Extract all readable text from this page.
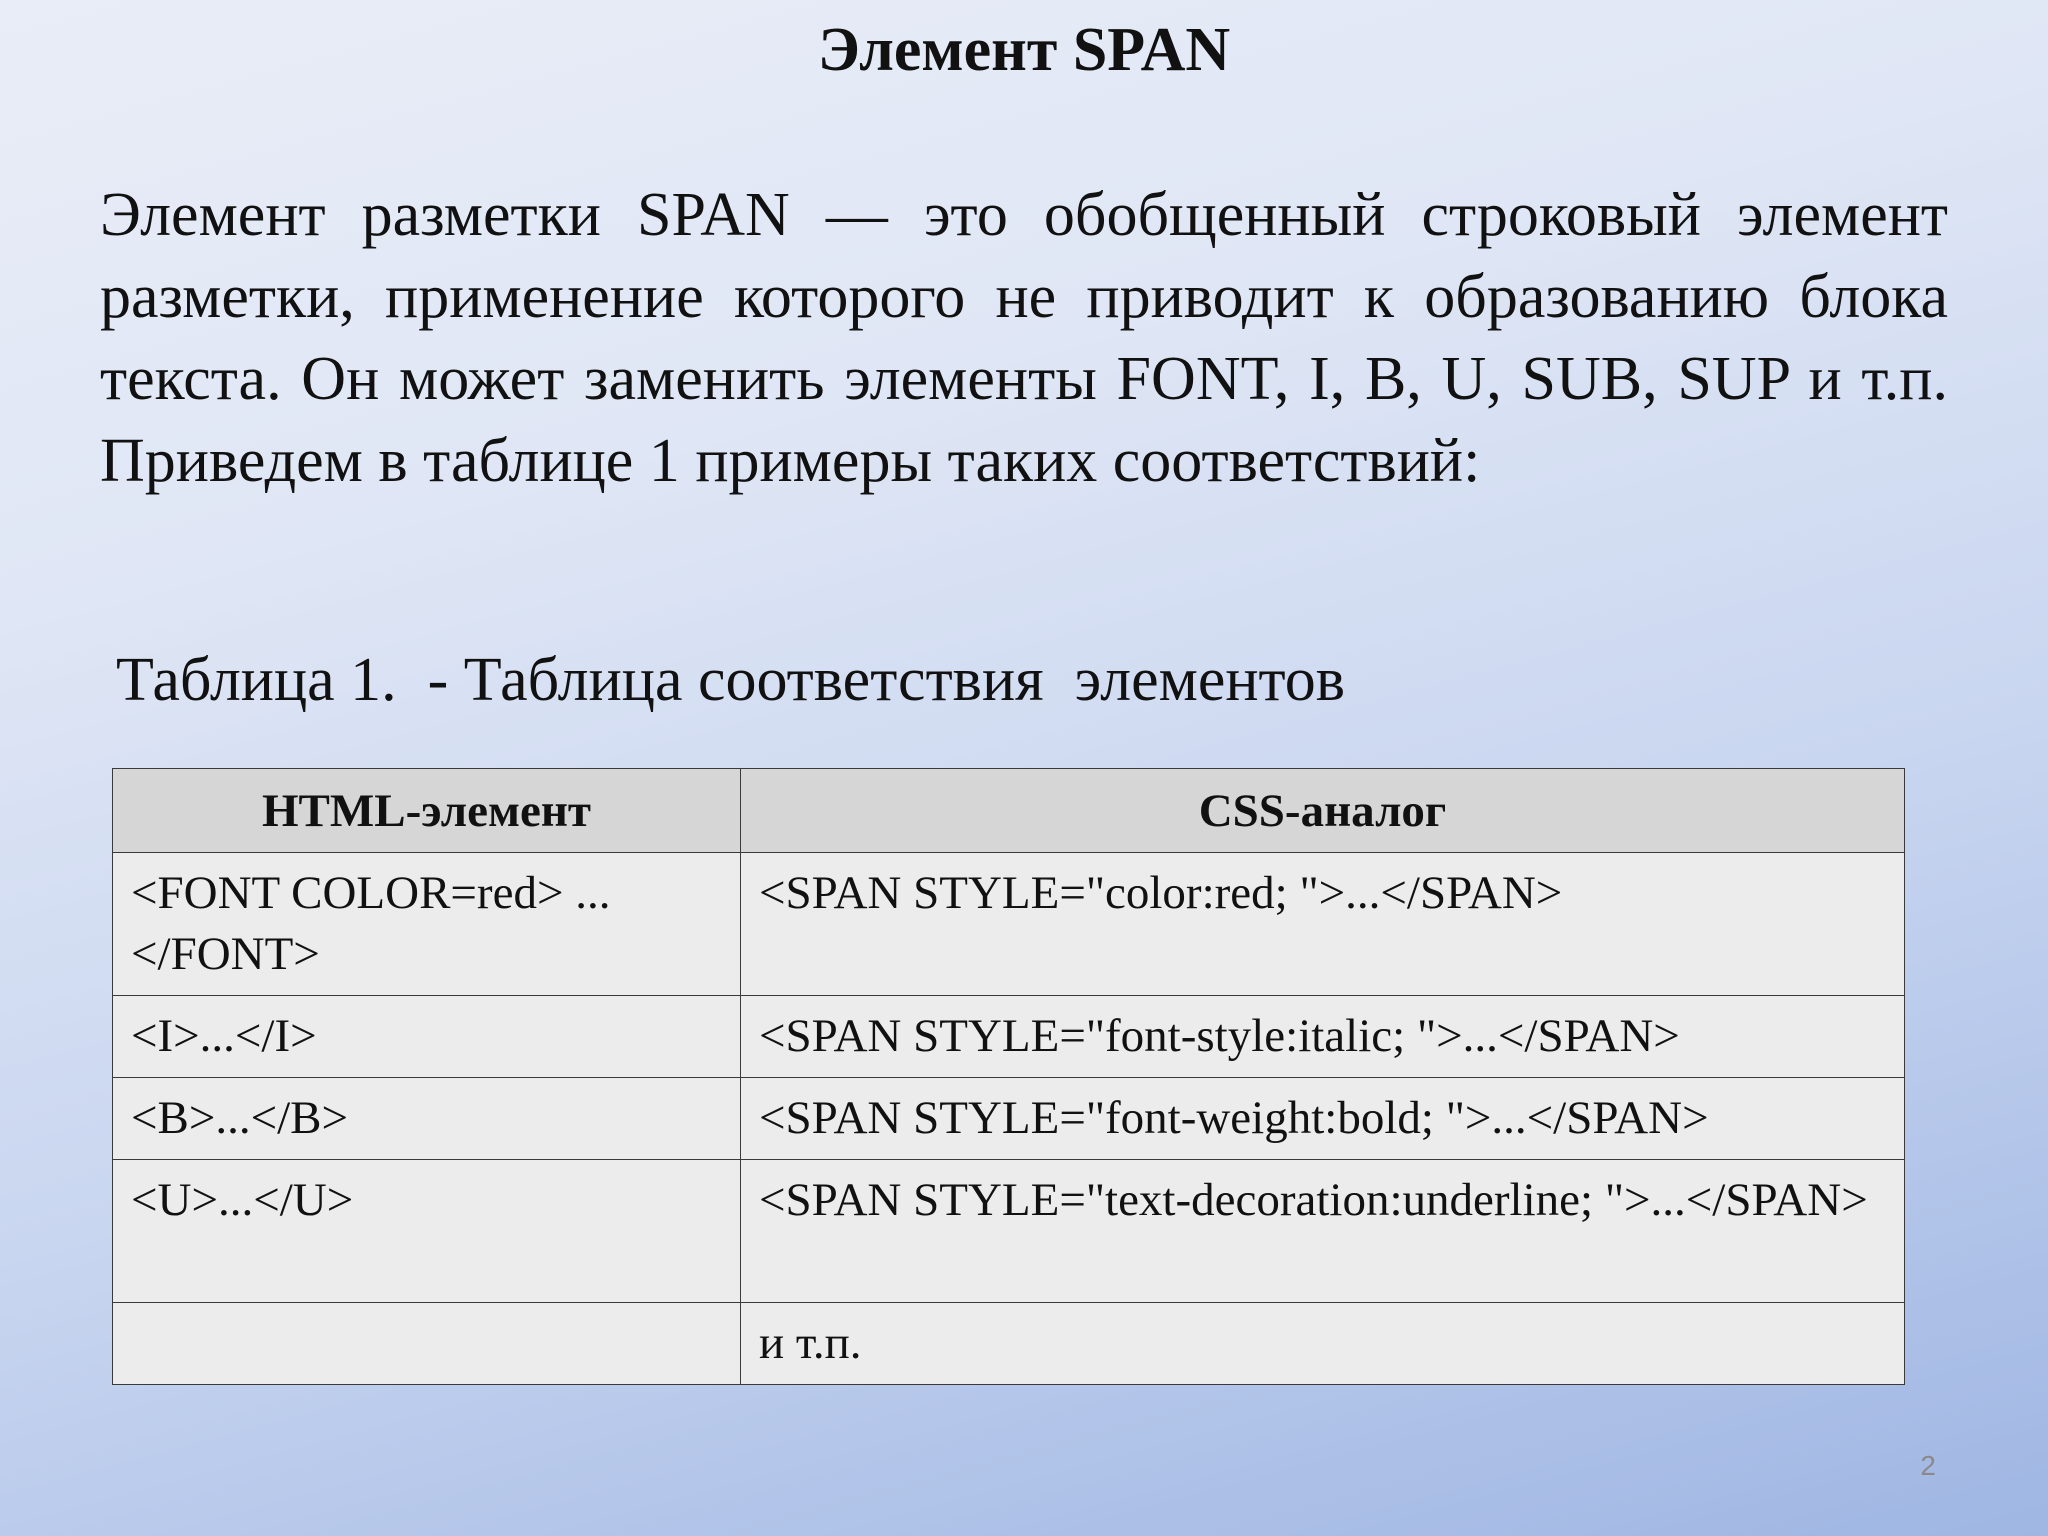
Элемент SPAN

Элемент разметки SPAN — это обобщенный строковый элемент разметки, применение которого не приводит к образованию блока текста. Он может заменить элементы FONT, I, B, U, SUB, SUP и т.п. Приведем в таблице 1 примеры таких соответствий:

Таблица 1.  - Таблица соответствия  элементов

HTML-элемент	CSS-аналог
<FONT COLOR=red> ...</FONT>	<SPAN STYLE="color:red; ">...</SPAN>
<I>...</I>	<SPAN STYLE="font-style:italic; ">...</SPAN>
<B>...</B>	<SPAN STYLE="font-weight:bold; ">...</SPAN>
<U>...</U>	<SPAN STYLE="text-decoration:underline; ">...</SPAN>
	и т.п.
2
